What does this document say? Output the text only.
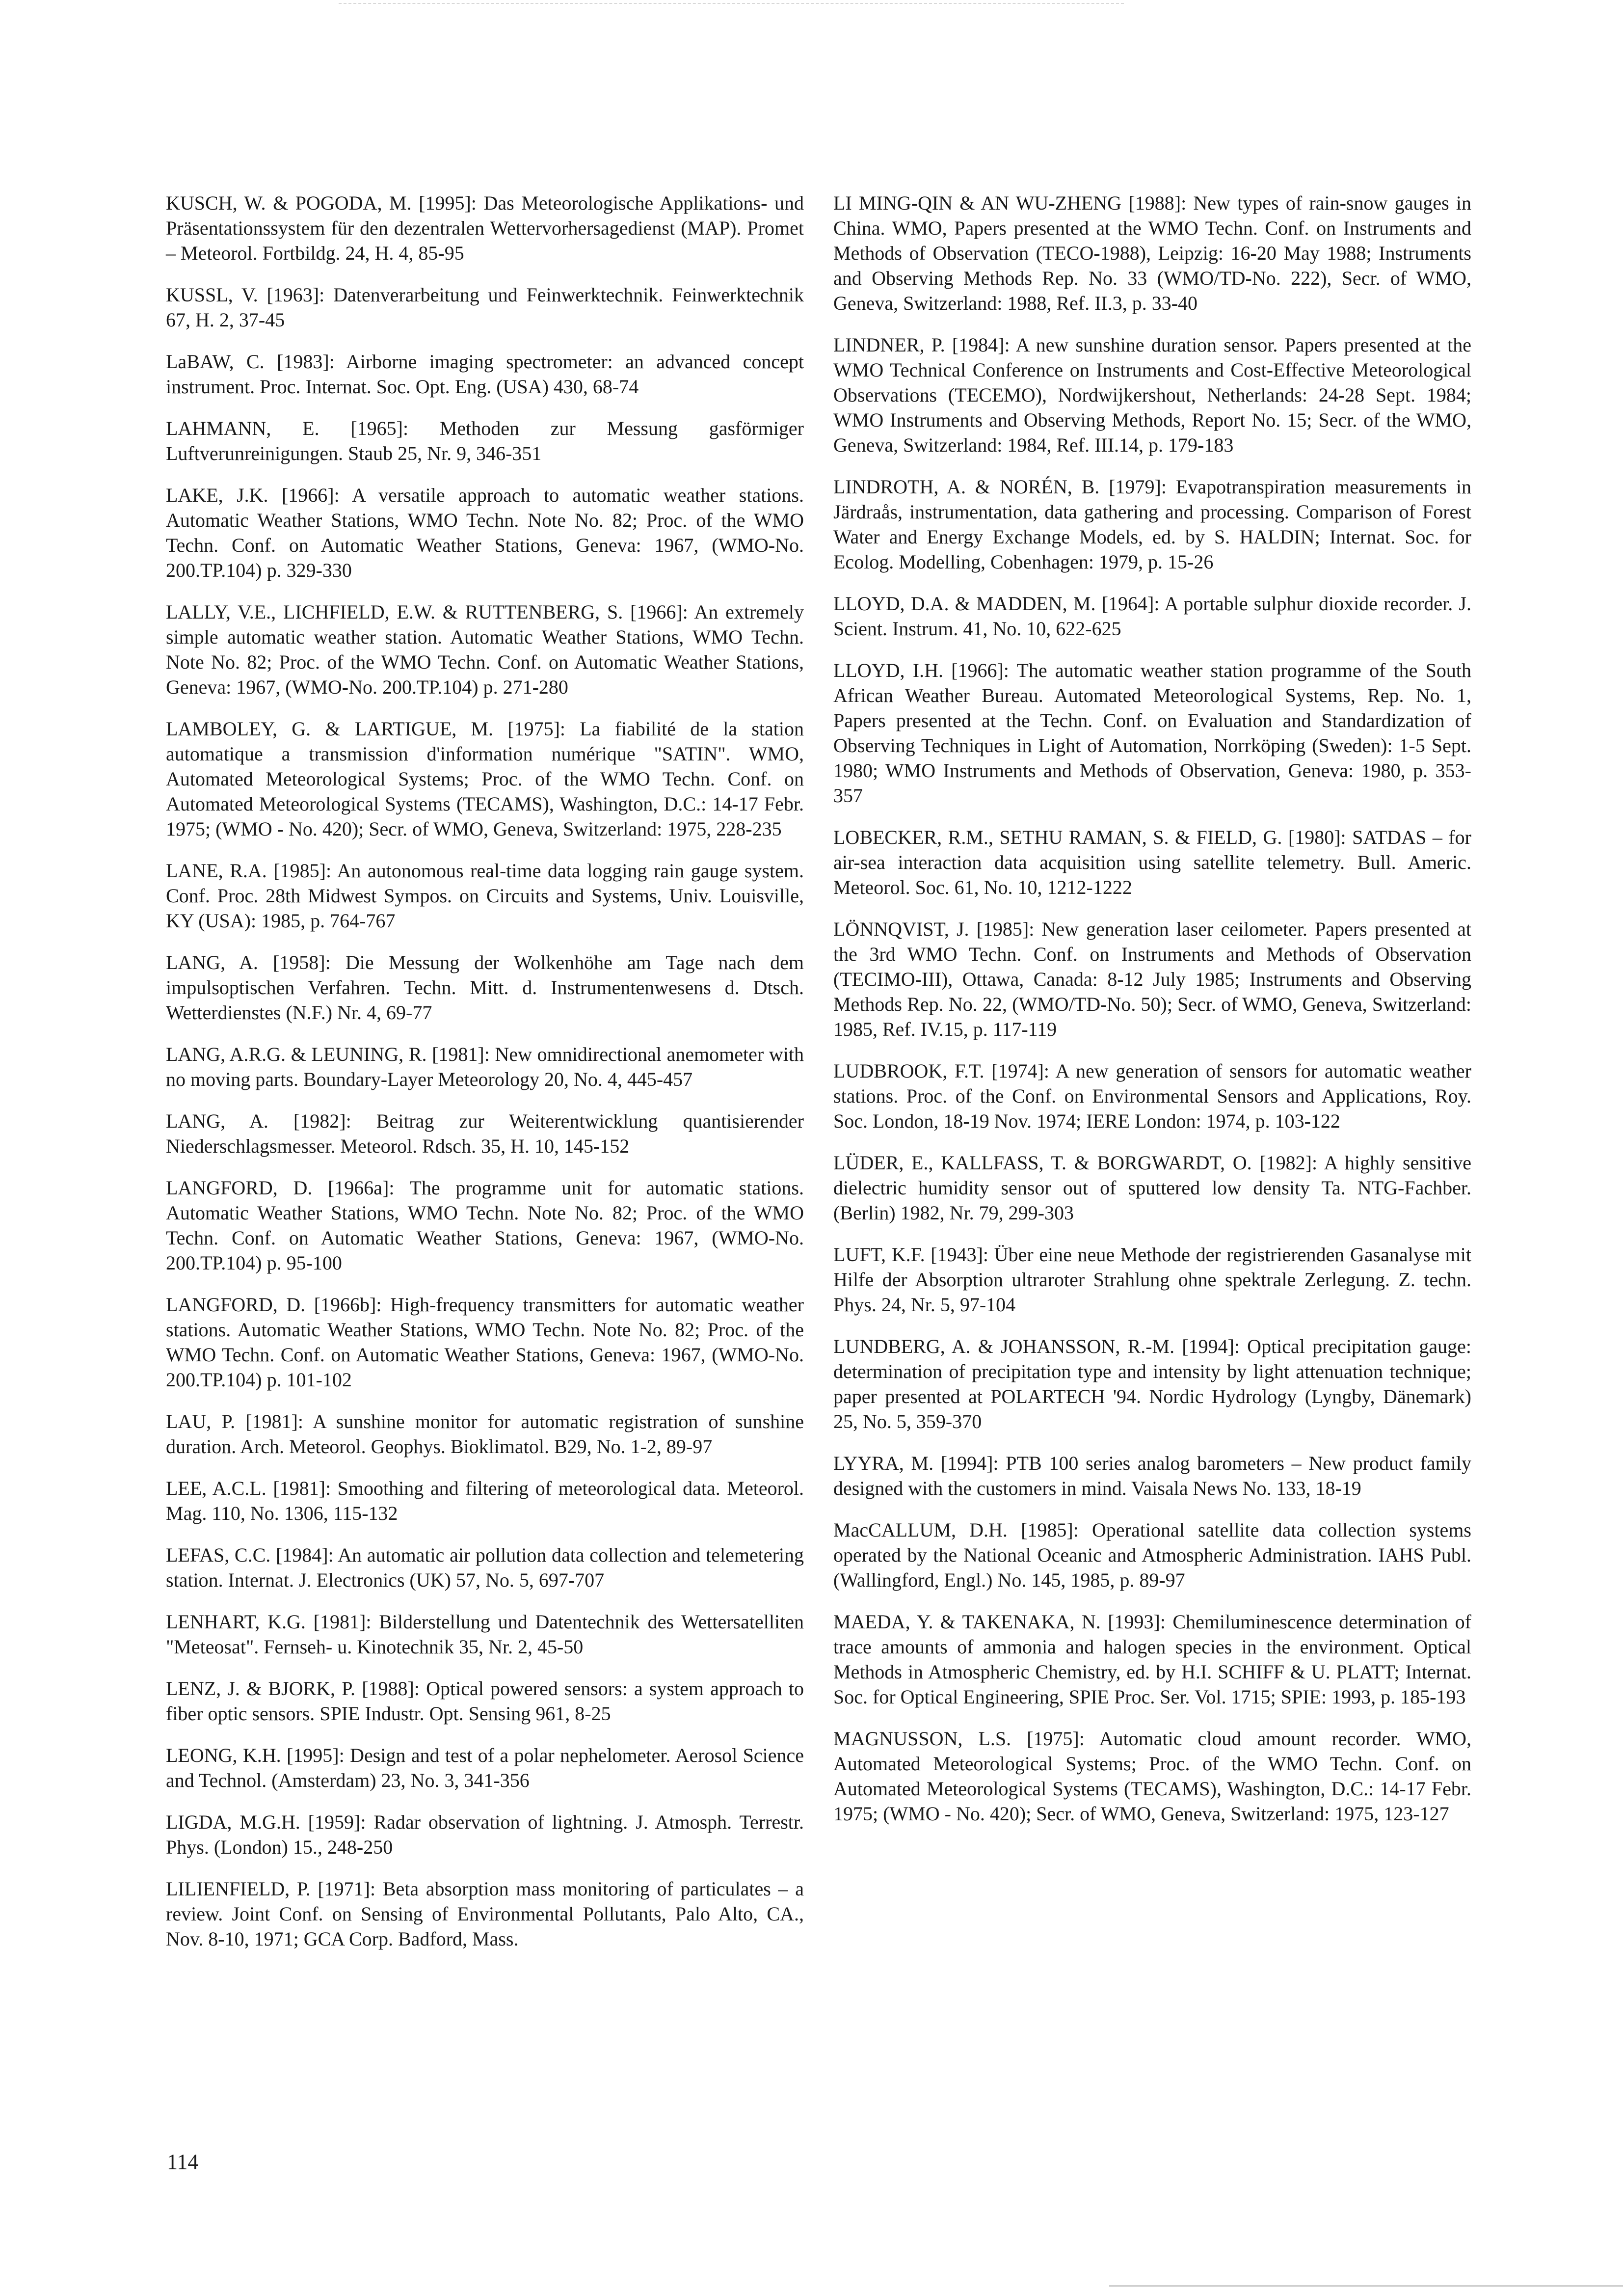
KUSCH, W. & POGODA, M. [1995]: Das Meteorologische Applikations- und Präsentationssystem für den dezentralen Wettervorhersagedienst (MAP). Promet – Meteorol. Fortbildg. 24, H. 4, 85-95

KUSSL, V. [1963]: Datenverarbeitung und Feinwerktechnik. Feinwerktechnik 67, H. 2, 37-45

LaBAW, C. [1983]: Airborne imaging spectrometer: an advanced concept instrument. Proc. Internat. Soc. Opt. Eng. (USA) 430, 68-74

LAHMANN, E. [1965]: Methoden zur Messung gasförmiger Luftverunreinigungen. Staub 25, Nr. 9, 346-351

LAKE, J.K. [1966]: A versatile approach to automatic weather stations. Automatic Weather Stations, WMO Techn. Note No. 82; Proc. of the WMO Techn. Conf. on Automatic Weather Stations, Geneva: 1967, (WMO-No. 200.TP.104) p. 329-330

LALLY, V.E., LICHFIELD, E.W. & RUTTENBERG, S. [1966]: An extremely simple automatic weather station. Automatic Weather Stations, WMO Techn. Note No. 82; Proc. of the WMO Techn. Conf. on Automatic Weather Stations, Geneva: 1967, (WMO-No. 200.TP.104) p. 271-280

LAMBOLEY, G. & LARTIGUE, M. [1975]: La fiabilité de la station automatique a transmission d'information numérique "SATIN". WMO, Automated Meteorological Systems; Proc. of the WMO Techn. Conf. on Automated Meteorological Systems (TECAMS), Washington, D.C.: 14-17 Febr. 1975; (WMO - No. 420); Secr. of WMO, Geneva, Switzerland: 1975, 228-235

LANE, R.A. [1985]: An autonomous real-time data logging rain gauge system. Conf. Proc. 28th Midwest Sympos. on Circuits and Systems, Univ. Louisville, KY (USA): 1985, p. 764-767

LANG, A. [1958]: Die Messung der Wolkenhöhe am Tage nach dem impulsoptischen Verfahren. Techn. Mitt. d. Instrumentenwesens d. Dtsch. Wetterdienstes (N.F.) Nr. 4, 69-77

LANG, A.R.G. & LEUNING, R. [1981]: New omnidirectional anemometer with no moving parts. Boundary-Layer Meteorology 20, No. 4, 445-457

LANG, A. [1982]: Beitrag zur Weiterentwicklung quantisierender Niederschlagsmesser. Meteorol. Rdsch. 35, H. 10, 145-152

LANGFORD, D. [1966a]: The programme unit for automatic stations. Automatic Weather Stations, WMO Techn. Note No. 82; Proc. of the WMO Techn. Conf. on Automatic Weather Stations, Geneva: 1967, (WMO-No. 200.TP.104) p. 95-100

LANGFORD, D. [1966b]: High-frequency transmitters for automatic weather stations. Automatic Weather Stations, WMO Techn. Note No. 82; Proc. of the WMO Techn. Conf. on Automatic Weather Stations, Geneva: 1967, (WMO-No. 200.TP.104) p. 101-102

LAU, P. [1981]: A sunshine monitor for automatic registration of sunshine duration. Arch. Meteorol. Geophys. Bioklimatol. B29, No. 1-2, 89-97

LEE, A.C.L. [1981]: Smoothing and filtering of meteorological data. Meteorol. Mag. 110, No. 1306, 115-132

LEFAS, C.C. [1984]: An automatic air pollution data collection and telemetering station. Internat. J. Electronics (UK) 57, No. 5, 697-707

LENHART, K.G. [1981]: Bilderstellung und Datentechnik des Wettersatelliten "Meteosat". Fernseh- u. Kinotechnik 35, Nr. 2, 45-50

LENZ, J. & BJORK, P. [1988]: Optical powered sensors: a system approach to fiber optic sensors. SPIE Industr. Opt. Sensing 961, 8-25

LEONG, K.H. [1995]: Design and test of a polar nephelometer. Aerosol Science and Technol. (Amsterdam) 23, No. 3, 341-356

LIGDA, M.G.H. [1959]: Radar observation of lightning. J. Atmosph. Terrestr. Phys. (London) 15., 248-250

LILIENFIELD, P. [1971]: Beta absorption mass monitoring of particulates – a review. Joint Conf. on Sensing of Environmental Pollutants, Palo Alto, CA., Nov. 8-10, 1971; GCA Corp. Badford, Mass.

LI MING-QIN & AN WU-ZHENG [1988]: New types of rain-snow gauges in China. WMO, Papers presented at the WMO Techn. Conf. on Instruments and Methods of Observation (TECO-1988), Leipzig: 16-20 May 1988; Instruments and Observing Methods Rep. No. 33 (WMO/TD-No. 222), Secr. of WMO, Geneva, Switzerland: 1988, Ref. II.3, p. 33-40

LINDNER, P. [1984]: A new sunshine duration sensor. Papers presented at the WMO Technical Conference on Instruments and Cost-Effective Meteorological Observations (TECEMO), Nordwijkershout, Netherlands: 24-28 Sept. 1984; WMO Instruments and Observing Methods, Report No. 15; Secr. of the WMO, Geneva, Switzerland: 1984, Ref. III.14, p. 179-183

LINDROTH, A. & NORÉN, B. [1979]: Evapotranspiration measurements in Järdraås, instrumentation, data gathering and processing. Comparison of Forest Water and Energy Exchange Models, ed. by S. HALDIN; Internat. Soc. for Ecolog. Modelling, Cobenhagen: 1979, p. 15-26

LLOYD, D.A. & MADDEN, M. [1964]: A portable sulphur dioxide recorder. J. Scient. Instrum. 41, No. 10, 622-625

LLOYD, I.H. [1966]: The automatic weather station programme of the South African Weather Bureau. Automated Meteorological Systems, Rep. No. 1, Papers presented at the Techn. Conf. on Evaluation and Standardization of Observing Techniques in Light of Automation, Norrköping (Sweden): 1-5 Sept. 1980; WMO Instruments and Methods of Observation, Geneva: 1980, p. 353-357

LOBECKER, R.M., SETHU RAMAN, S. & FIELD, G. [1980]: SATDAS – for air-sea interaction data acquisition using satellite telemetry. Bull. Americ. Meteorol. Soc. 61, No. 10, 1212-1222

LÖNNQVIST, J. [1985]: New generation laser ceilometer. Papers presented at the 3rd WMO Techn. Conf. on Instruments and Methods of Observation (TECIMO-III), Ottawa, Canada: 8-12 July 1985; Instruments and Observing Methods Rep. No. 22, (WMO/TD-No. 50); Secr. of WMO, Geneva, Switzerland: 1985, Ref. IV.15, p. 117-119

LUDBROOK, F.T. [1974]: A new generation of sensors for automatic weather stations. Proc. of the Conf. on Environmental Sensors and Applications, Roy. Soc. London, 18-19 Nov. 1974; IERE London: 1974, p. 103-122

LÜDER, E., KALLFASS, T. & BORGWARDT, O. [1982]: A highly sensitive dielectric humidity sensor out of sputtered low density Ta. NTG-Fachber. (Berlin) 1982, Nr. 79, 299-303

LUFT, K.F. [1943]: Über eine neue Methode der registrierenden Gasanalyse mit Hilfe der Absorption ultraroter Strahlung ohne spektrale Zerlegung. Z. techn. Phys. 24, Nr. 5, 97-104

LUNDBERG, A. & JOHANSSON, R.-M. [1994]: Optical precipitation gauge: determination of precipitation type and intensity by light attenuation technique; paper presented at POLARTECH '94. Nordic Hydrology (Lyngby, Dänemark) 25, No. 5, 359-370

LYYRA, M. [1994]: PTB 100 series analog barometers – New product family designed with the customers in mind. Vaisala News No. 133, 18-19

MacCALLUM, D.H. [1985]: Operational satellite data collection systems operated by the National Oceanic and Atmospheric Administration. IAHS Publ. (Wallingford, Engl.) No. 145, 1985, p. 89-97

MAEDA, Y. & TAKENAKA, N. [1993]: Chemiluminescence determination of trace amounts of ammonia and halogen species in the environment. Optical Methods in Atmospheric Chemistry, ed. by H.I. SCHIFF & U. PLATT; Internat. Soc. for Optical Engineering, SPIE Proc. Ser. Vol. 1715; SPIE: 1993, p. 185-193

MAGNUSSON, L.S. [1975]: Automatic cloud amount recorder. WMO, Automated Meteorological Systems; Proc. of the WMO Techn. Conf. on Automated Meteorological Systems (TECAMS), Washington, D.C.: 14-17 Febr. 1975; (WMO - No. 420); Secr. of WMO, Geneva, Switzerland: 1975, 123-127

114
